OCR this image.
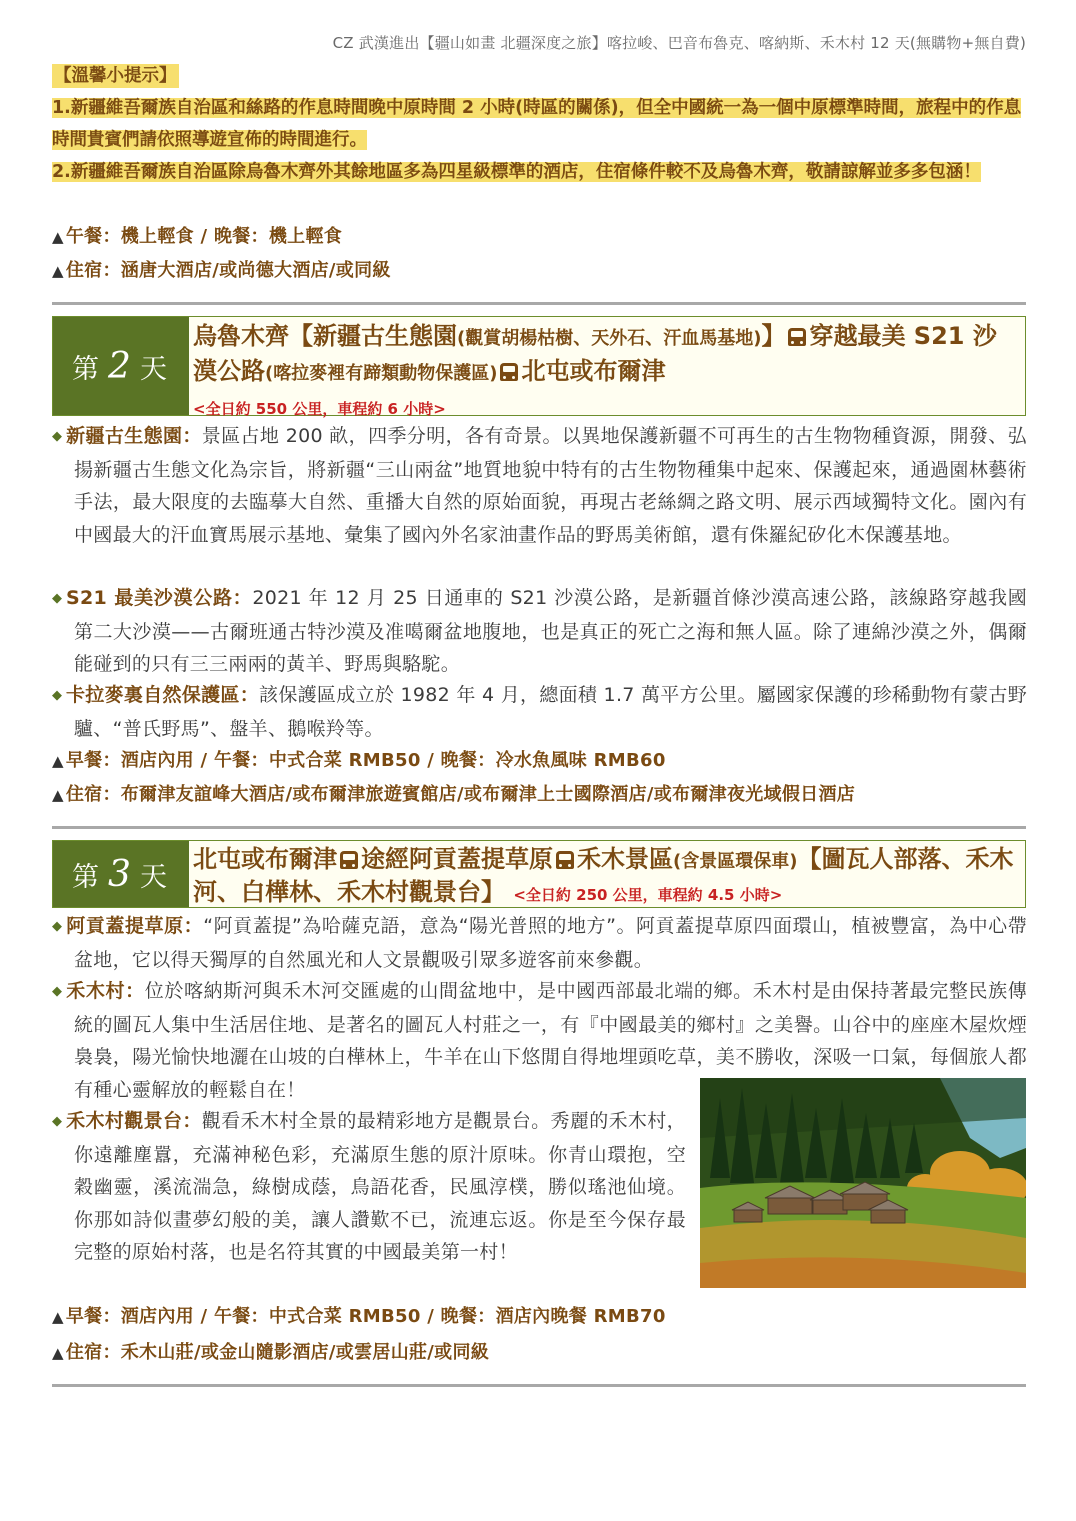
CZ 武漢進出【疆山如畫 北疆深度之旅】喀拉峻、巴音布魯克、喀納斯、禾木村 12 天(無購物+無自費)
【溫馨小提示】
1.新疆維吾爾族自治區和絲路的作息時間晚中原時間 2 小時(時區的關係)，但全中國統一為一個中原標準時間，旅程中的作息時間貴賓們請依照導遊宣佈的時間進行。
2.新疆維吾爾族自治區除烏魯木齊外其餘地區多為四星級標準的酒店，住宿條件較不及烏魯木齊，敬請諒解並多多包涵！
▲ 午餐：機上輕食 / 晚餐：機上輕食
▲ 住宿：涵唐大酒店/或尚德大酒店/或同級
第 2 天
烏魯木齊【新疆古生態園(觀賞胡楊枯樹、天外石、汗血馬基地)】 穿越最美 S21 沙漠公路(喀拉麥裡有蹄類動物保護區) 北屯或布爾津
<全日約 550 公里，車程約 6 小時>
◆ 新疆古生態園：景區占地 200 畝，四季分明，各有奇景。以異地保護新疆不可再生的古生物物種資源，開發、弘揚新疆古生態文化為宗旨，將新疆“三山兩盆”地質地貌中特有的古生物物種集中起來、保護起來，通過園林藝術手法，最大限度的去臨摹大自然、重播大自然的原始面貌，再現古老絲綢之路文明、展示西域獨特文化。園內有中國最大的汗血寶馬展示基地、彙集了國內外名家油畫作品的野馬美術館，還有侏羅紀矽化木保護基地。
◆ S21 最美沙漠公路：2021 年 12 月 25 日通車的 S21 沙漠公路，是新疆首條沙漠高速公路，該線路穿越我國第二大沙漠——古爾班通古特沙漠及准噶爾盆地腹地，也是真正的死亡之海和無人區。除了連綿沙漠之外，偶爾能碰到的只有三三兩兩的黃羊、野馬與駱駝。
◆ 卡拉麥裏自然保護區：該保護區成立於 1982 年 4 月，總面積 1.7 萬平方公里。屬國家保護的珍稀動物有蒙古野驢、“普氏野馬”、盤羊、鵝喉羚等。
▲ 早餐：酒店內用 / 午餐：中式合菜 RMB50 / 晚餐：冷水魚風味 RMB60
▲ 住宿：布爾津友誼峰大酒店/或布爾津旅遊賓館店/或布爾津上士國際酒店/或布爾津夜光域假日酒店
第 3 天
北屯或布爾津 途經阿貢蓋提草原 禾木景區(含景區環保車)【圖瓦人部落、禾木河、白樺林、禾木村觀景台】 <全日約 250 公里，車程約 4.5 小時>
◆ 阿貢蓋提草原：“阿貢蓋提”為哈薩克語，意為“陽光普照的地方”。阿貢蓋提草原四面環山，植被豐富，為中心帶盆地，它以得天獨厚的自然風光和人文景觀吸引眾多遊客前來參觀。
◆ 禾木村：位於喀納斯河與禾木河交匯處的山間盆地中，是中國西部最北端的鄉。禾木村是由保持著最完整民族傳統的圖瓦人集中生活居住地、是著名的圖瓦人村莊之一，有『中國最美的鄉村』之美譽。山谷中的座座木屋炊煙裊裊，陽光愉快地灑在山坡的白樺林上，牛羊在山下悠閒自得地埋頭吃草，美不勝收，深吸一口氣，每個旅人都有種心靈解放的輕鬆自在！
◆ 禾木村觀景台：觀看禾木村全景的最精彩地方是觀景台。秀麗的禾木村，你遠離塵囂，充滿神秘色彩，充滿原生態的原汁原味。你青山環抱，空穀幽靈，溪流湍急，綠樹成蔭，鳥語花香，民風淳樸，勝似瑤池仙境。你那如詩似畫夢幻般的美，讓人讚歎不已，流連忘返。你是至今保存最完整的原始村落，也是名符其實的中國最美第一村！
▲ 早餐：酒店內用 / 午餐：中式合菜 RMB50 / 晚餐：酒店內晚餐 RMB70
▲ 住宿：禾木山莊/或金山隨影酒店/或雲居山莊/或同級
